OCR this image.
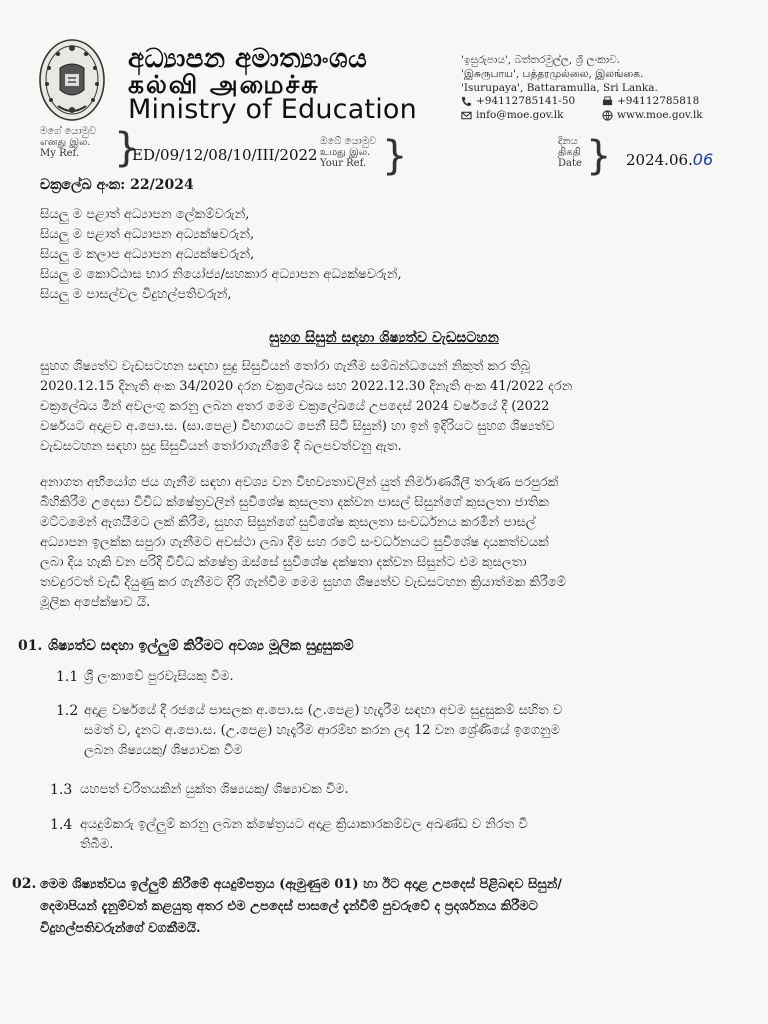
අධ්‍යාපන අමාත්‍යාංශය
கல்வி அமைச்சு
Ministry of Education
'ඉසුරුපාය', බත්තරමුල්ල, ශ්‍රී ලංකාව.
'இசுருபாய', பத்தரமுல்லை, இலங்கை.
'Isurupaya', Battaramulla, Sri Lanka.
+94112785141-50	+94112785818
info@moe.gov.lk	www.moe.gov.lk
මගේ යොමුව
எனது இல.
My Ref. }
ED/09/12/08/10/III/2022
ඔබේ යොමුව
உமது இல.
Your Ref. }	දිනය
திகதி
Date } 2024.06.06
චක්‍රලේඛ අංක: 22/2024
සියලු ම පළාත් අධ්‍යාපන ලේකම්වරුන්,
සියලු ම පළාත් අධ්‍යාපන අධ්‍යක්ෂවරුන්,
සියලු ම කලාප අධ්‍යාපන අධ්‍යක්ෂවරුන්,
සියලු ම කොට්ඨාස භාර නියෝජ්‍ය/සහකාර අධ්‍යාපන අධ්‍යක්ෂවරුන්,
සියලු ම පාසල්වල විදුහල්පතිවරුන්,
සුහග සිසුන් සඳහා ශිෂ්‍යත්ව වැඩසටහන
සුහග ශිෂ්‍යත්ව වැඩසටහන සඳහා සුදු සිසුවියන් තෝරා ගැනීම සම්බන්ධයෙන් නිකුත් කර තිබූ
2020.12.15 දිනැති අංක 34/2020 දරන චක්‍රලේඛය සහ 2022.12.30 දිනැති අංක 41/2022 දරන
චක්‍රලේඛය මින් අවලංගු කරනු ලබන අතර මෙම චක්‍රලේඛයේ උපදෙස් 2024 වර්ෂයේ දී (2022
වර්ෂයට අදාළව අ.පො.ස. (සා.පෙළ) විභාගයට පෙනී සිටි සිසුන්) හා ඉන් ඉදිරියට සුහග ශිෂ්‍යත්ව
වැඩසටහන සඳහා සුදු සිසුවියන් තෝරාගැනීමේ දී බලපවත්වනු ඇත.
අනාගත අභියෝග ජය ගැනීම සඳහා අවශ්‍ය වන විභව්‍යතාවලින් යුත් නිර්මාණශීලී තරුණ පරපුරක්
බිහිකිරීම උදෙසා විවිධ ක්ෂේත්‍රවලින් සුවිශේෂ කුසලතා දක්වන පාසල් සිසුන්ගේ කුසලතා ජාතික
මට්ටමෙන් ඇගයීමට ලක් කිරීම, සුහග සිසුන්ගේ සුවිශේෂ කුසලතා සංවර්ධනය කරමින් පාසල්
අධ්‍යාපන ඉලක්ක සපුරා ගැනීමට අවස්ථා ලබා දීම සහ රටේ සංවර්ධනයට සුවිශේෂ දායකත්වයක්
ලබා දිය හැකි වන පරිදි විවිධ ක්ෂේත්‍ර ඔස්සේ සුවිශේෂ දක්ෂතා දක්වන සිසුන්ට එම කුසලතා
තවදුරටත් වැඩි දියුණු කර ගැනීමට දිරි ගැන්වීම මෙම සුහග ශිෂ්‍යත්ව වැඩසටහන ක්‍රියාත්මක කිරීමේ
මූලික අපේක්ෂාව යි.
01. ශිෂ්‍යත්ව සඳහා ඉල්ලුම් කිරීමට අවශ්‍ය මූලික සුදුසුකම්
1.1 ශ්‍රී ලංකාවේ පුරවැසියකු වීම.
1.2 අදාළ වර්ෂයේ දී රජයේ පාසලක අ.පො.ස (උ.පෙළ) හැදෑරීම සඳහා අවම සුදුසුකම් සහිත ව
සමත් ව, දැනට අ.පො.ස. (උ.පෙළ) හැදෑරීම ආරම්භ කරන ලද 12 වන ශ්‍රේණියේ ඉගෙනුම
ලබන ශිෂ්‍යයකු/ ශිෂ්‍යාවක වීම
1.3 යහපත් චරිතයකින් යුක්ත ශිෂ්‍යයකු/ ශිෂ්‍යාවක වීම.
1.4 අයදුම්කරු ඉල්ලුම් කරනු ලබන ක්ෂේත්‍රයට අදාළ ක්‍රියාකාරකම්වල අඛණ්ඩ ව නිරත වී
තිබීම.
02. මෙම ශිෂ්‍යත්වය ඉල්ලුම් කිරීමේ අයදුම්පත්‍රය (ඇමුණුම 01) හා ඊට අදාළ උපදෙස් පිළිබඳව සිසුන්/
දෙමාපියන් දැනුම්වත් කළයුතු අතර එම උපදෙස් පාසලේ දැන්වීම් පුවරුවේ ද ප්‍රදර්ශනය කිරීමට
විදුහල්පතිවරුන්ගේ වගකීමයි.
